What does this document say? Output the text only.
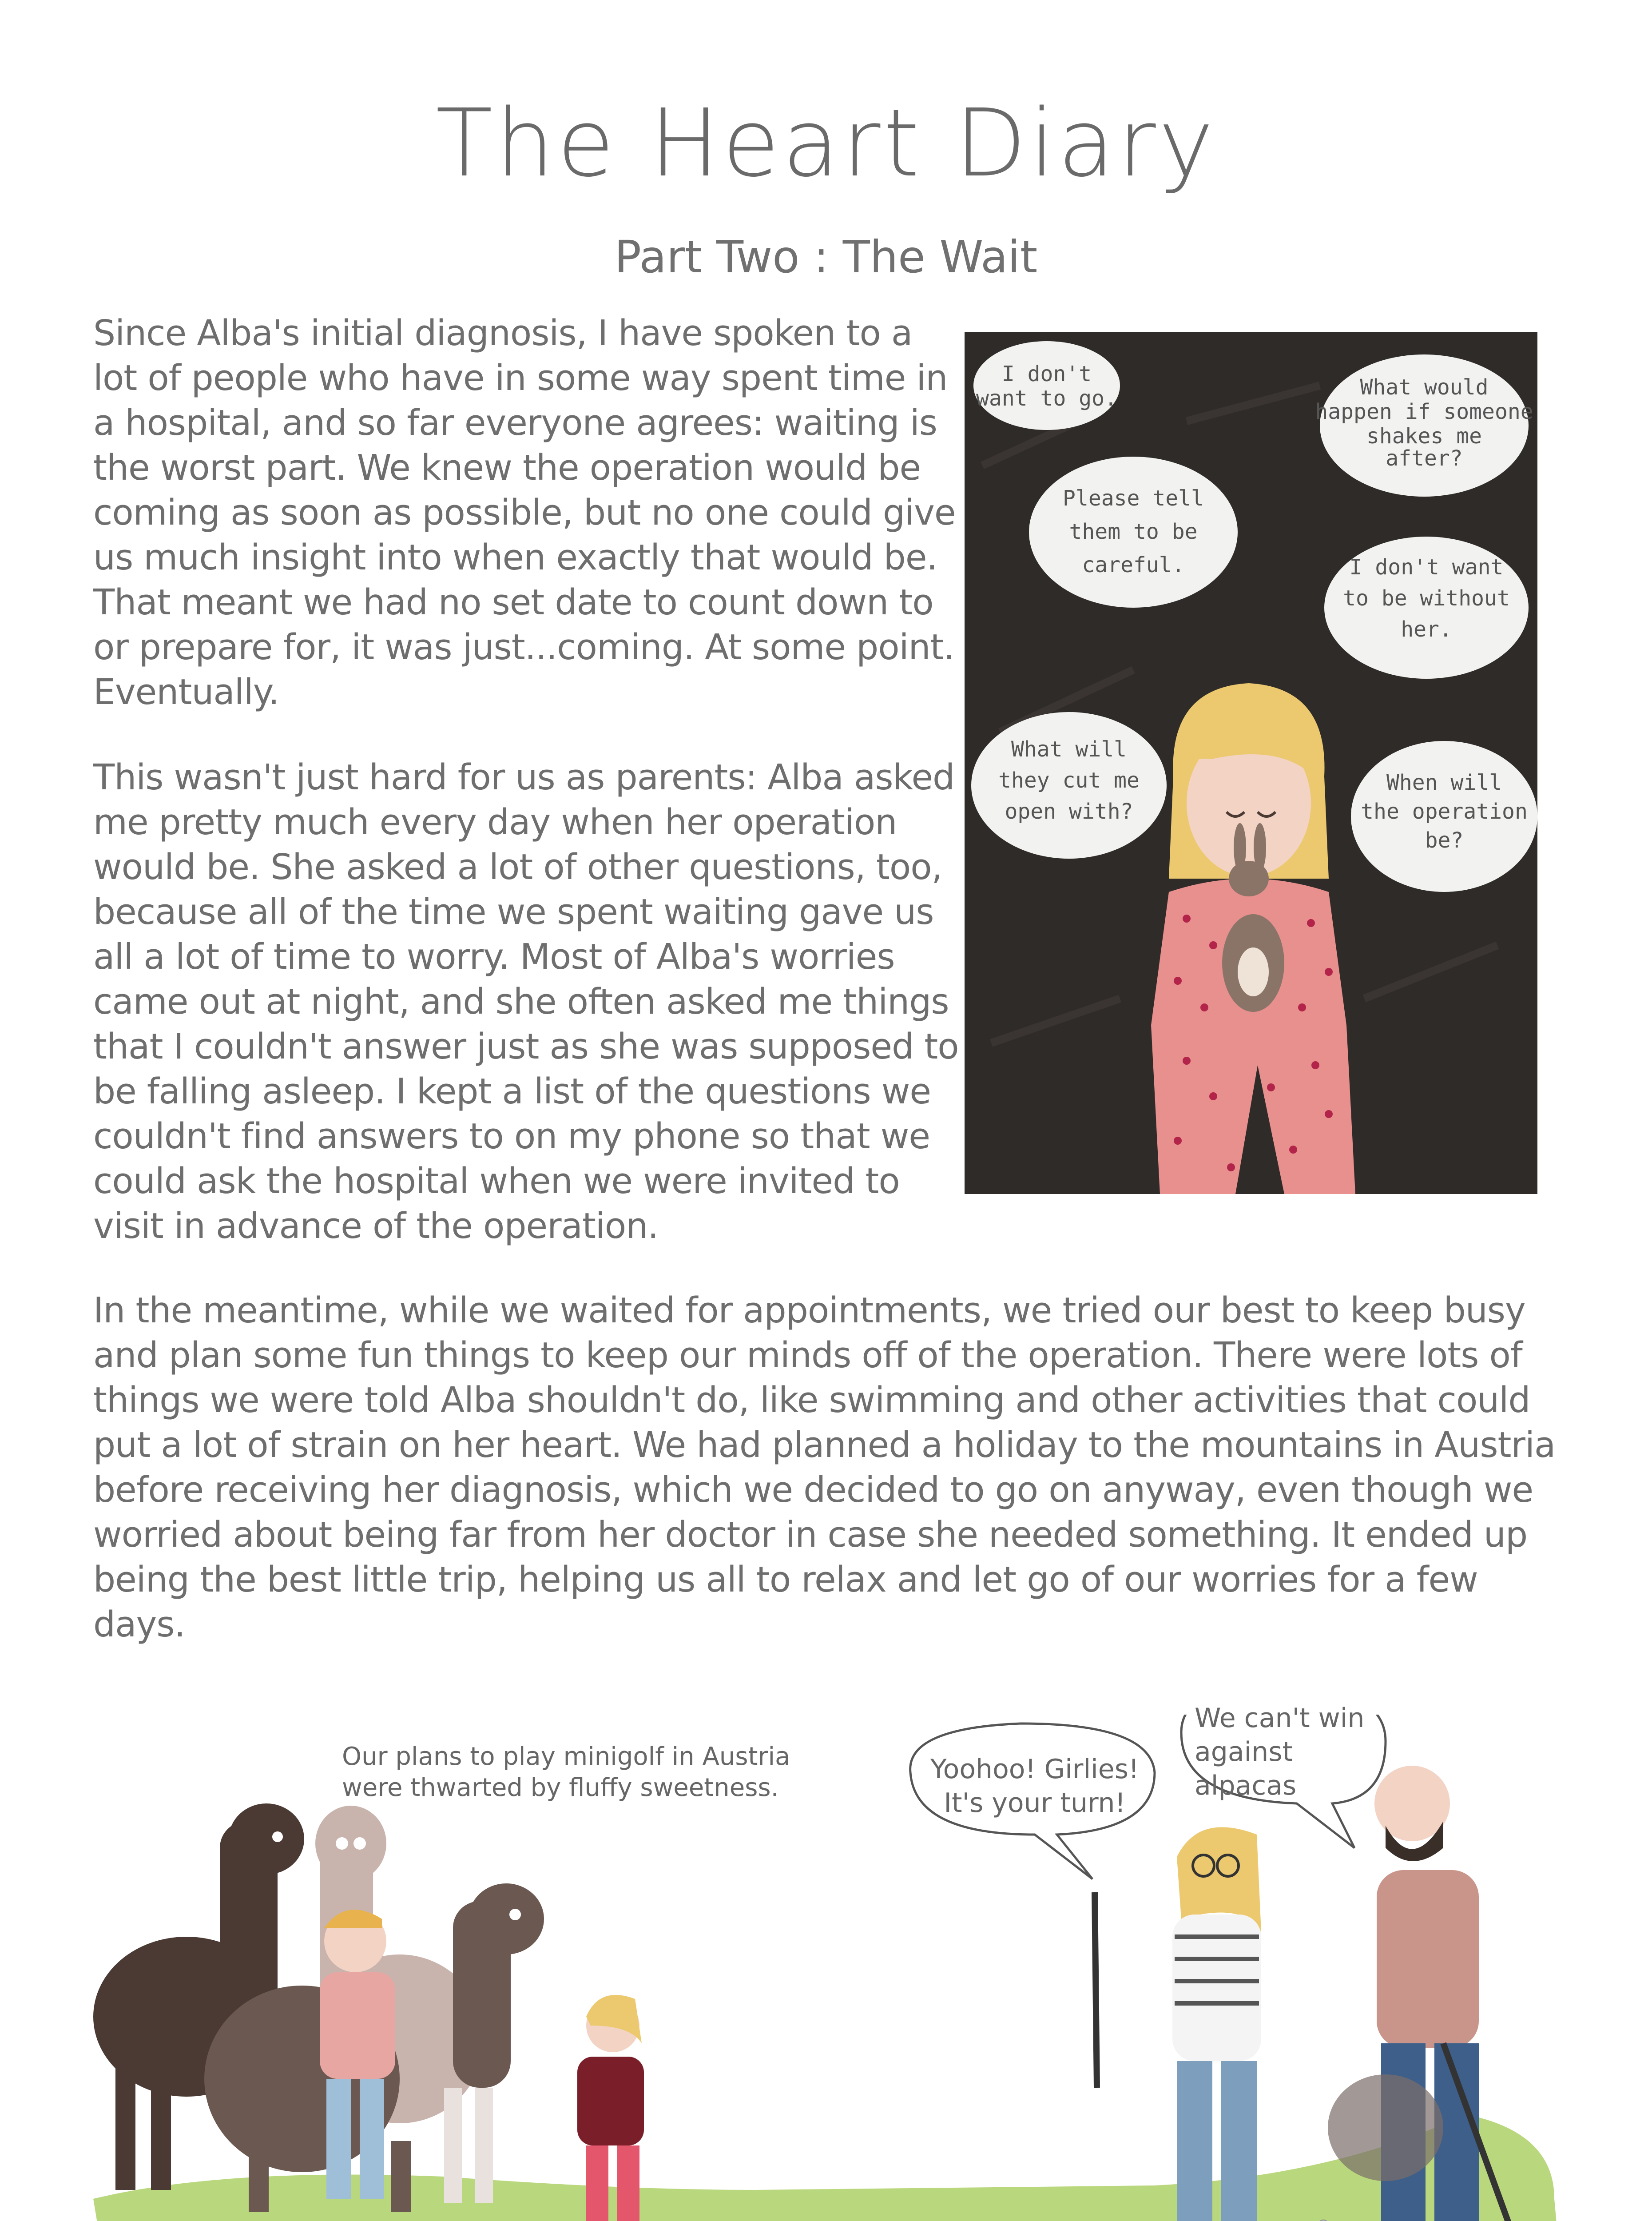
The Heart Diary
Part Two : The Wait

Since Alba's initial diagnosis, I have spoken to a lot of people who have in some way spent time in a hospital, and so far everyone agrees: waiting is the worst part. We knew the operation would be coming as soon as possible, but no one could give us much insight into when exactly that would be. That meant we had no set date to count down to or prepare for, it was just...coming. At some point. Eventually.

This wasn't just hard for us as parents: Alba asked me pretty much every day when her operation would be. She asked a lot of other questions, too, because all of the time we spent waiting gave us all a lot of time to worry. Most of Alba's worries came out at night, and she often asked me things that I couldn't answer just as she was supposed to be falling asleep. I kept a list of the questions we couldn't find answers to on my phone so that we could ask the hospital when we were invited to visit in advance of the operation.

I don't
want to go.	What would
happen if someone
shakes me
after?
Please tell
them to be
careful.	I don't want
to be without
her.
What will
they cut me
open with?
When will
the operation
be?

In the meantime, while we waited for appointments, we tried our best to keep busy and plan some fun things to keep our minds off of the operation. There were lots of things we were told Alba shouldn't do, like swimming and other activities that could put a lot of strain on her heart. We had planned a holiday to the mountains in Austria before receiving her diagnosis, which we decided to go on anyway, even though we worried about being far from her doctor in case she needed something. It ended up being the best little trip, helping us all to relax and let go of our worries for a few days.

Our plans to play minigolf in Austria
were thwarted by fluffy sweetness.
Yoohoo! Girlies!
It's your turn!
We can't win
against
alpacas
